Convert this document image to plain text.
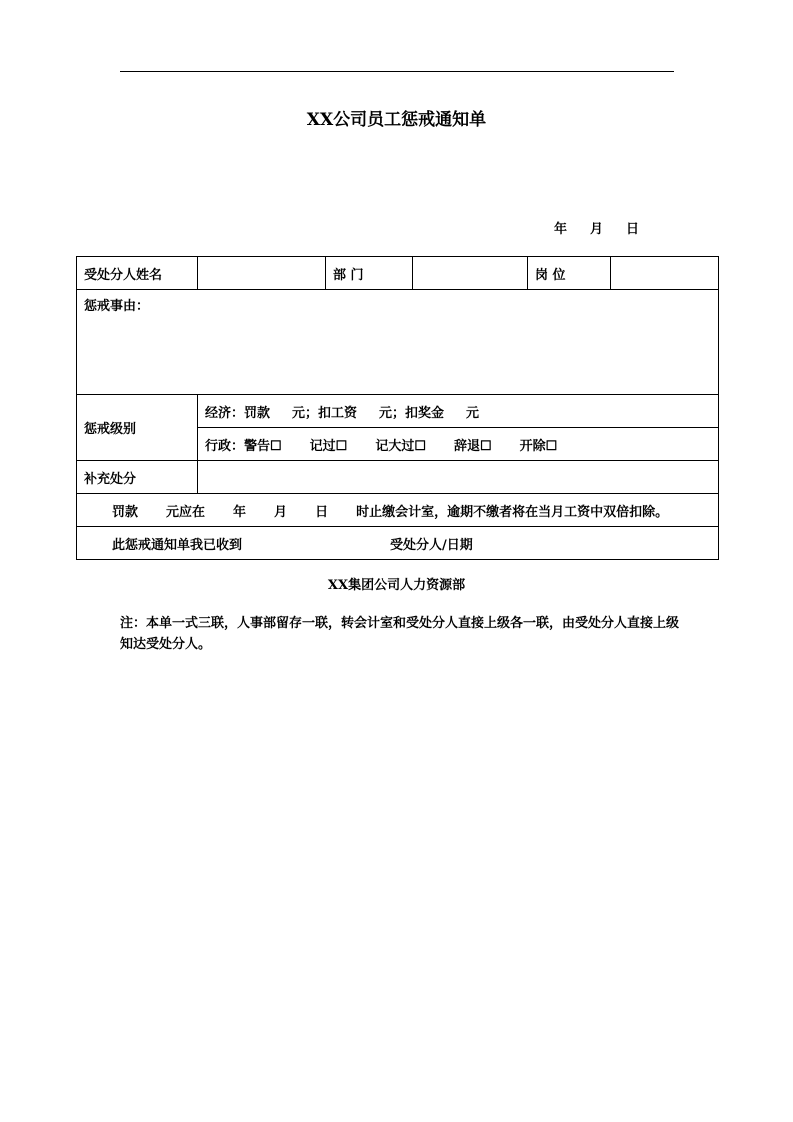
XX公司员工惩戒通知单
年 月 日
受处分人姓名		部 门		岗 位	
惩戒事由：					
惩戒级别	经济：罚款 元；扣工资 元；扣奖金 元				
	行政：警告☐ 记过☐ 记大过☐ 辞退☐ 开除☐				
补充处分					
罚款 元应在 年 月 日 时止缴会计室，逾期不缴者将在当月工资中双倍扣除。					
此惩戒通知单我已收到 受处分人/日期					
XX集团公司人力资源部
注：本单一式三联，人事部留存一联，转会计室和受处分人直接上级各一联，由受处分人直接上级知达受处分人。
